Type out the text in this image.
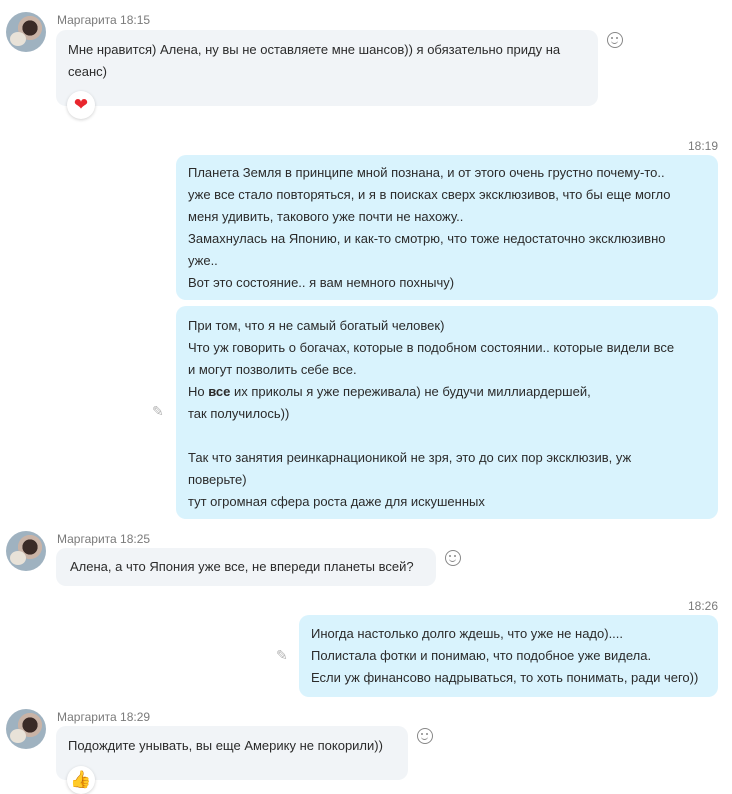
Маргарита 18:15
Мне нравится) Алена, ну вы не оставляете мне шансов)) я обязательно приду на
сеанс)
❤
18:19
Планета Земля в принципе мной познана, и от этого очень грустно почему-то..
уже все стало повторяться, и я в поисках сверх эксклюзивов, что бы еще могло
меня удивить, такового уже почти не нахожу..
Замахнулась на Японию, и как-то смотрю, что тоже недостаточно эксклюзивно
уже..
Вот это состояние.. я вам немного похнычу)
При том, что я не самый богатый человек)
Что уж говорить о богачах, которые в подобном состоянии.. которые видели все
и могут позволить себе все.
Но все их приколы я уже переживала) не будучи миллиардершей,
так получилось))
Так что занятия реинкарнационикой не зря, это до сих пор эксклюзив, уж
поверьте)
тут огромная сфера роста даже для искушенных
✎
Маргарита 18:25
Алена, а что Япония уже все, не впереди планеты всей?
18:26
Иногда настолько долго ждешь, что уже не надо)....
Полистала фотки и понимаю, что подобное уже видела.
Если уж финансово надрываться, то хоть понимать, ради чего))
✎
Маргарита 18:29
Подождите унывать, вы еще Америку не покорили))
👍
